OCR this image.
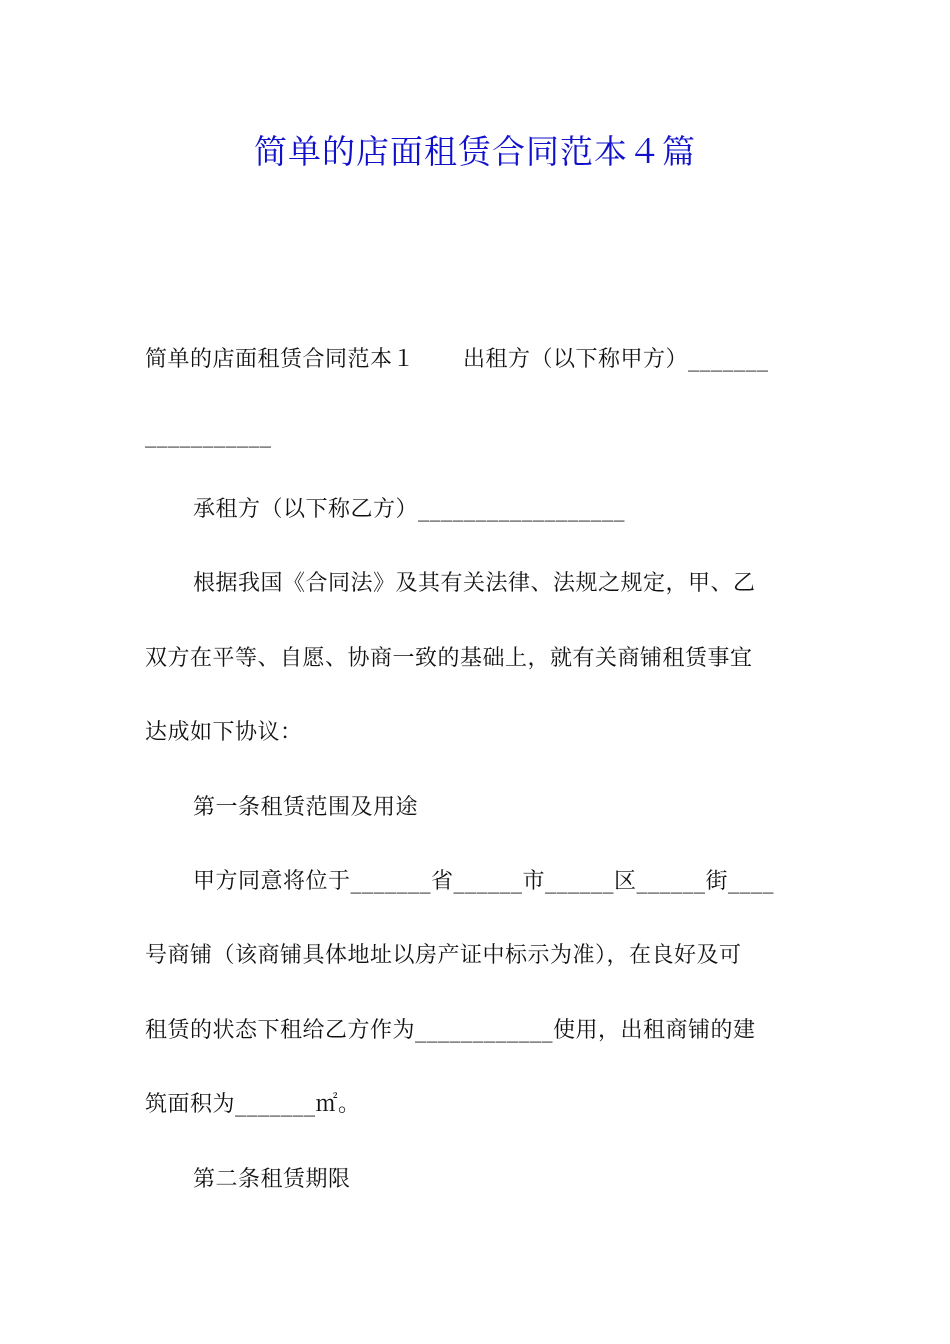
简单的店面租赁合同范本４篇
简单的店面租赁合同范本１ 出租方（以下称甲方）_______
___________
承租方（以下称乙方）__________________
根据我国《合同法》及其有关法律、法规之规定，甲、乙
双方在平等、自愿、协商一致的基础上，就有关商铺租赁事宜
达成如下协议：
第一条租赁范围及用途
甲方同意将位于_______省______市______区______街____
号商铺（该商铺具体地址以房产证中标示为准），在良好及可
租赁的状态下租给乙方作为____________使用，出租商铺的建
筑面积为_______㎡。
第二条租赁期限
